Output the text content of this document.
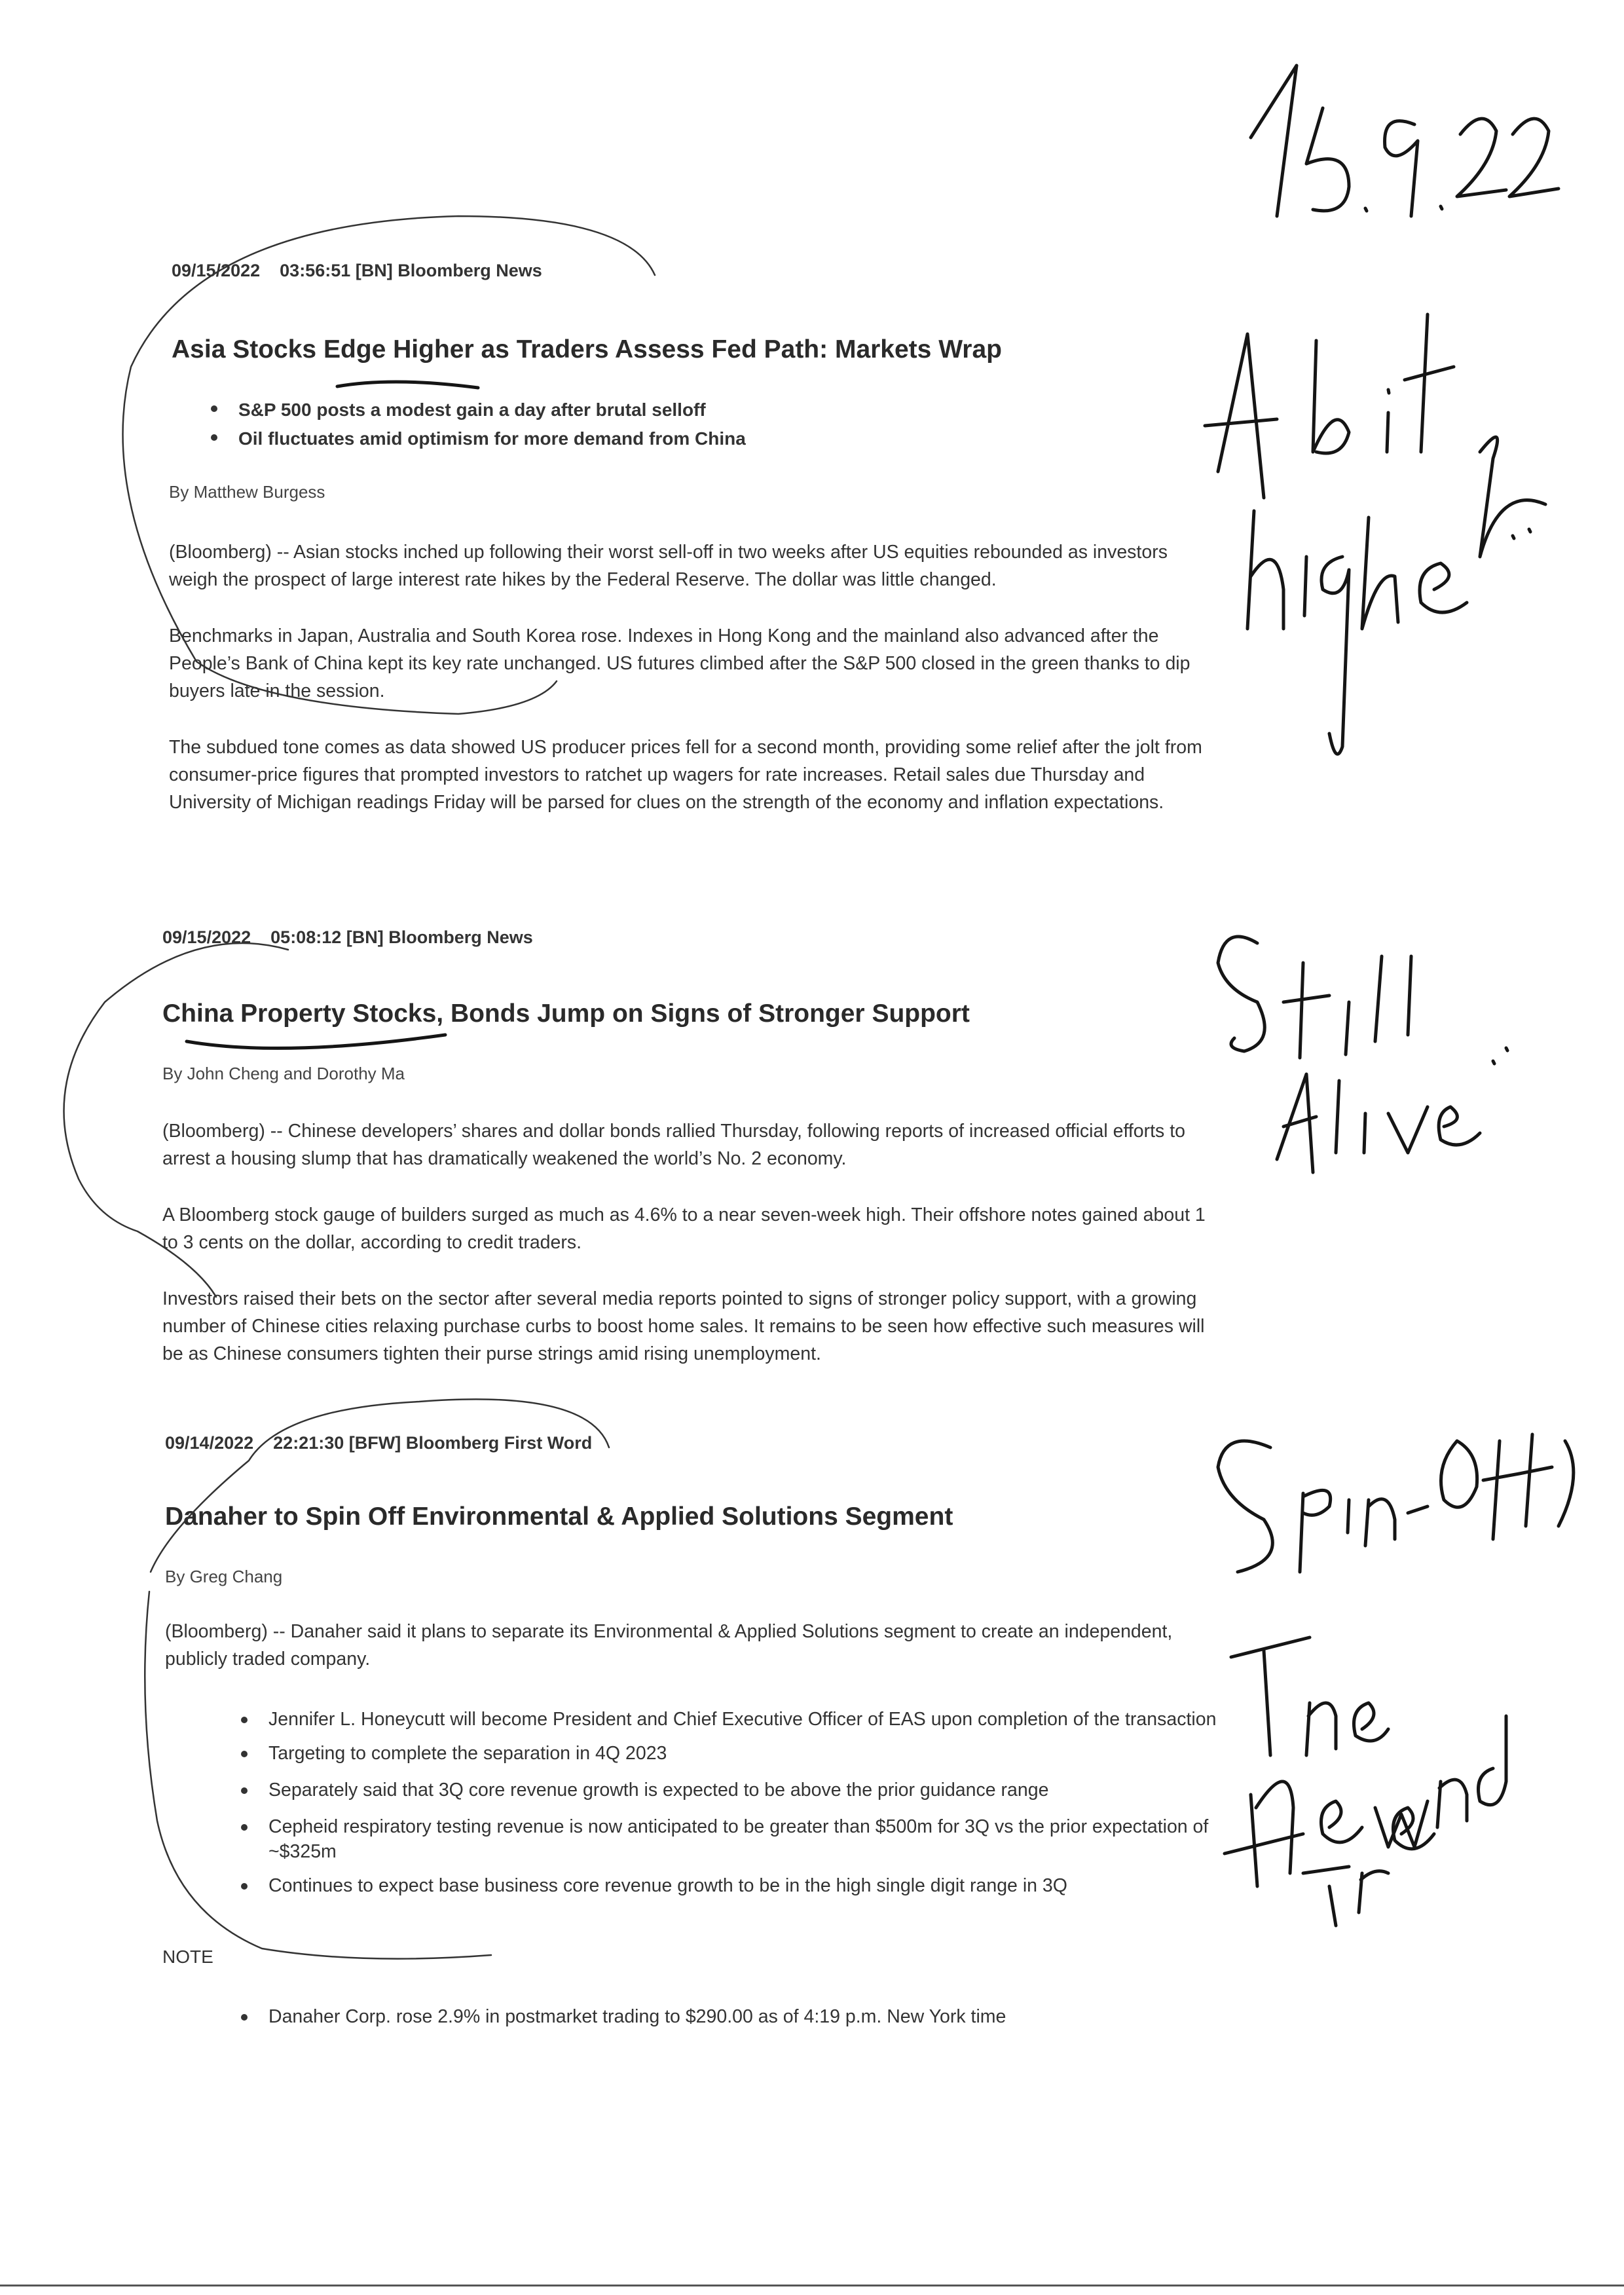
09/15/2022 03:56:51 [BN] Bloomberg News
Asia Stocks Edge Higher as Traders Assess Fed Path: Markets Wrap
S&P 500 posts a modest gain a day after brutal selloff
Oil fluctuates amid optimism for more demand from China
By Matthew Burgess
(Bloomberg) -- Asian stocks inched up following their worst sell-off in two weeks after US equities rebounded as investors weigh the prospect of large interest rate hikes by the Federal Reserve. The dollar was little changed.
Benchmarks in Japan, Australia and South Korea rose. Indexes in Hong Kong and the mainland also advanced after the People’s Bank of China kept its key rate unchanged. US futures climbed after the S&P 500 closed in the green thanks to dip buyers late in the session.
The subdued tone comes as data showed US producer prices fell for a second month, providing some relief after the jolt from consumer-price figures that prompted investors to ratchet up wagers for rate increases. Retail sales due Thursday and University of Michigan readings Friday will be parsed for clues on the strength of the economy and inflation expectations.
09/15/2022 05:08:12 [BN] Bloomberg News
China Property Stocks, Bonds Jump on Signs of Stronger Support
By John Cheng and Dorothy Ma
(Bloomberg) -- Chinese developers’ shares and dollar bonds rallied Thursday, following reports of increased official efforts to arrest a housing slump that has dramatically weakened the world’s No. 2 economy.
A Bloomberg stock gauge of builders surged as much as 4.6% to a near seven-week high. Their offshore notes gained about 1 to 3 cents on the dollar, according to credit traders.
Investors raised their bets on the sector after several media reports pointed to signs of stronger policy support, with a growing number of Chinese cities relaxing purchase curbs to boost home sales. It remains to be seen how effective such measures will be as Chinese consumers tighten their purse strings amid rising unemployment.
09/14/2022 22:21:30 [BFW] Bloomberg First Word
Danaher to Spin Off Environmental & Applied Solutions Segment
By Greg Chang
(Bloomberg) -- Danaher said it plans to separate its Environmental & Applied Solutions segment to create an independent, publicly traded company.
Jennifer L. Honeycutt will become President and Chief Executive Officer of EAS upon completion of the transaction
Targeting to complete the separation in 4Q 2023
Separately said that 3Q core revenue growth is expected to be above the prior guidance range
Cepheid respiratory testing revenue is now anticipated to be greater than $500m for 3Q vs the prior expectation of ~$325m
Continues to expect base business core revenue growth to be in the high single digit range in 3Q
NOTE
Danaher Corp. rose 2.9% in postmarket trading to $290.00 as of 4:19 p.m. New York time
